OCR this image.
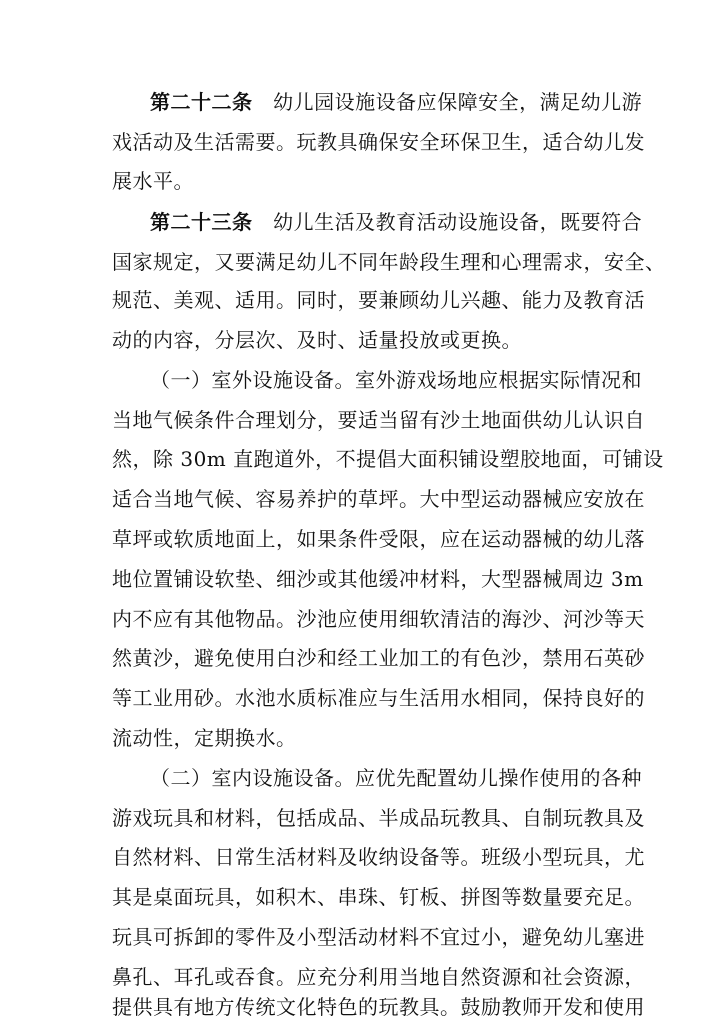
第二十二条 幼儿园设施设备应保障安全，满足幼儿游
戏活动及生活需要。玩教具确保安全环保卫生，适合幼儿发
展水平。
第二十三条 幼儿生活及教育活动设施设备，既要符合
国家规定，又要满足幼儿不同年龄段生理和心理需求，安全、
规范、美观、适用。同时，要兼顾幼儿兴趣、能力及教育活
动的内容，分层次、及时、适量投放或更换。
（一）室外设施设备。室外游戏场地应根据实际情况和
当地气候条件合理划分，要适当留有沙土地面供幼儿认识自
然，除 30m 直跑道外，不提倡大面积铺设塑胶地面，可铺设
适合当地气候、容易养护的草坪。大中型运动器械应安放在
草坪或软质地面上，如果条件受限，应在运动器械的幼儿落
地位置铺设软垫、细沙或其他缓冲材料，大型器械周边 3m
内不应有其他物品。沙池应使用细软清洁的海沙、河沙等天
然黄沙，避免使用白沙和经工业加工的有色沙，禁用石英砂
等工业用砂。水池水质标准应与生活用水相同，保持良好的
流动性，定期换水。
（二）室内设施设备。应优先配置幼儿操作使用的各种
游戏玩具和材料，包括成品、半成品玩教具、自制玩教具及
自然材料、日常生活材料及收纳设备等。班级小型玩具，尤
其是桌面玩具，如积木、串珠、钉板、拼图等数量要充足。
玩具可拆卸的零件及小型活动材料不宜过小，避免幼儿塞进
鼻孔、耳孔或吞食。应充分利用当地自然资源和社会资源，
提供具有地方传统文化特色的玩教具。鼓励教师开发和使用
